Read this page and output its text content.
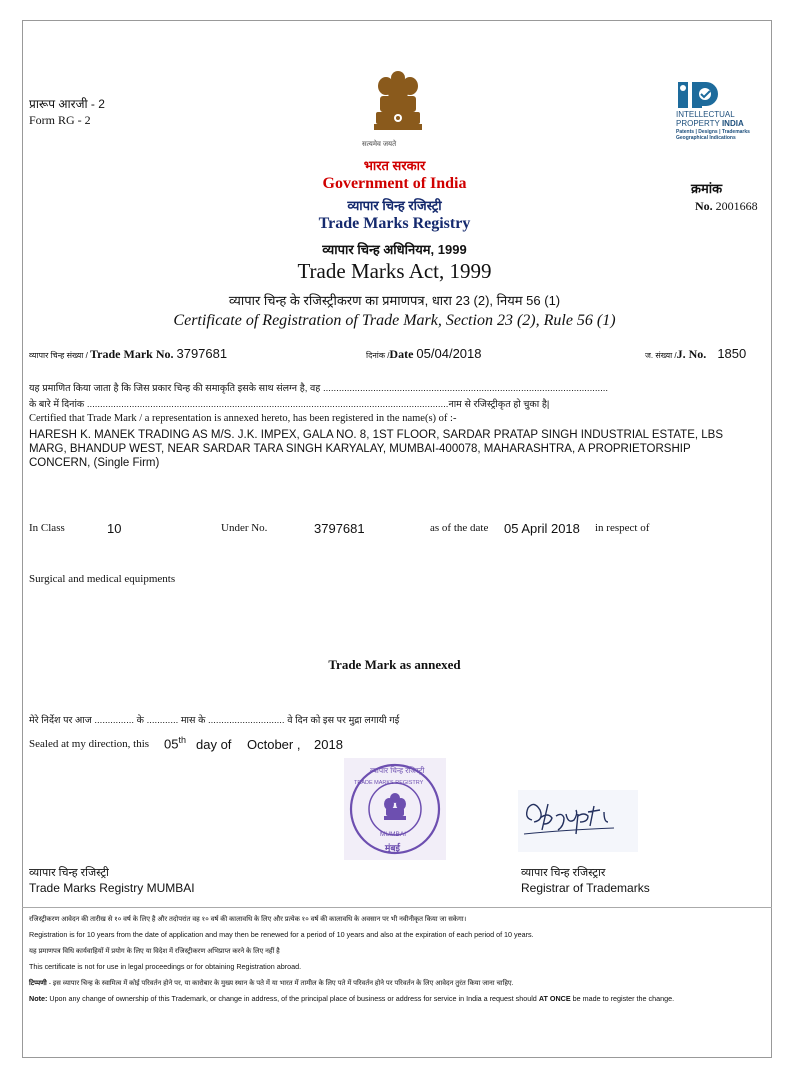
प्रारूप आरजी - 2
Form RG - 2
सत्यमेव जयते
INTELLECTUAL
PROPERTY INDIA
Patents | Designs | Trademarks
Geographical Indications
भारत सरकार
Government of India
व्यापार चिन्ह रजिस्ट्री
Trade Marks Registry
व्यापार चिन्ह अधिनियम, 1999
Trade Marks Act, 1999
व्यापार चिन्ह के रजिस्ट्रीकरण का प्रमाणपत्र, धारा 23 (2), नियम 56 (1)
Certificate of Registration of Trade Mark, Section 23 (2), Rule 56 (1)
क्रमांक
No. 2001668
व्यापार चिन्ह संख्या / Trade Mark No. 3797681	दिनांक /Date 05/04/2018	ज. संख्या /J. No. 1850
यह प्रमाणित किया जाता है कि जिस प्रकार चिन्ह की समाकृति इसके साथ संलग्न है, वह ............................................................................................................
के बारे में दिनांक .........................................................................................................................................नाम से रजिस्ट्रीकृत हो चुका है|
Certified that Trade Mark / a representation is annexed hereto, has been registered in the name(s) of :-
HARESH K. MANEK TRADING AS M/S. J.K. IMPEX, GALA NO. 8, 1ST FLOOR, SARDAR PRATAP SINGH INDUSTRIAL ESTATE, LBS MARG, BHANDUP WEST, NEAR SARDAR TARA SINGH KARYALAY, MUMBAI-400078, MAHARASHTRA, A PROPRIETORSHIP CONCERN, (Single Firm)
In Class	10	Under No.	3797681	as of the date 05 April 2018 in respect of
Surgical and medical equipments
Trade Mark as annexed
मेरे निर्देश पर आज ............... के ............ मास के ............................. वे दिन को इस पर मुद्रा लगायी गई
Sealed at my direction, this 05th day of October , 2018
व्यापार चिन्ह रजिस्ट्री
TRADE MARKS REGISTRY
MUMBAI
मुंबई
व्यापार चिन्ह रजिस्ट्री
Trade Marks Registry MUMBAI
व्यापार चिन्ह रजिस्ट्रार
Registrar of Trademarks
रजिस्ट्रीकरण आवेदन की तारीख से १० वर्ष के लिए है और तदोपरांत वह १० वर्ष की कालावधि के लिए और प्रत्येक १० वर्ष की कालावधि के अवसान पर भी नवीनीकृत किया जा सकेगा।
Registration is for 10 years from the date of application and may then be renewed for a period of 10 years and also at the expiration of each period of 10 years.
यह प्रमाणपत्र विधि कार्यवाहियों में प्रयोग के लिए या विदेश में रजिस्ट्रीकरण अभिप्राप्त करने के लिए नहीं है
This certificate is not for use in legal proceedings or for obtaining Registration abroad.
टिप्पणी - इस व्यापार चिन्ह के स्वामित्व में कोई परिवर्तन होने पर, या कारोबार के मुख्य स्थान के पते में या भारत में तामील के लिए पते में परिवर्तन होने पर परिवर्तन के लिए आवेदन तुरंत किया जाना चाहिए.
Note: Upon any change of ownership of this Trademark, or change in address, of the principal place of business or address for service in India a request should AT ONCE be made to register the change.
